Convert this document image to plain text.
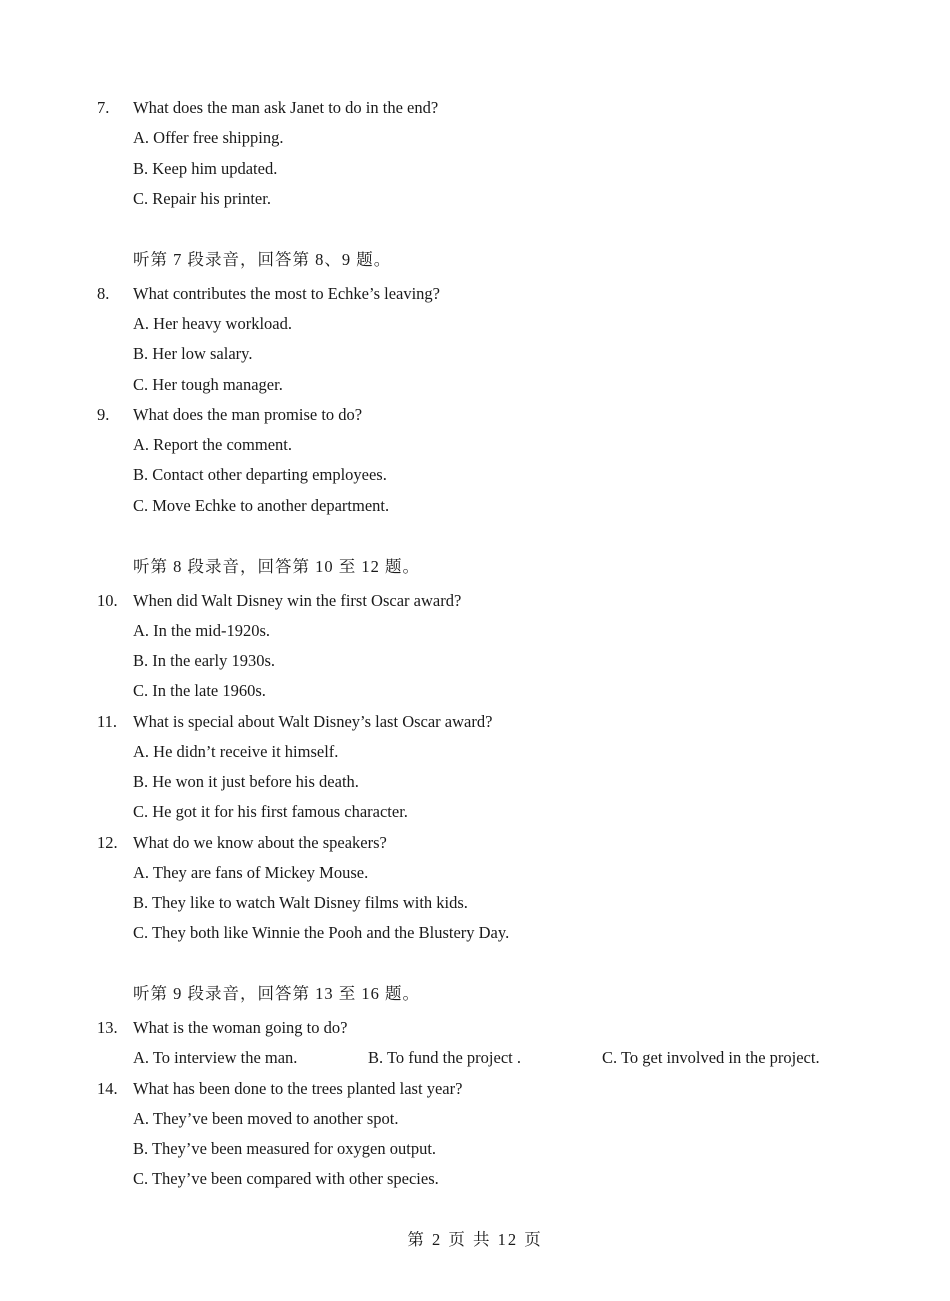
7. What does the man ask Janet to do in the end?
A. Offer free shipping.
B. Keep him updated.
C. Repair his printer.
听第 7 段录音，回答第 8、9 题。
8. What contributes the most to Echke’s leaving?
A. Her heavy workload.
B. Her low salary.
C. Her tough manager.
9. What does the man promise to do?
A. Report the comment.
B. Contact other departing employees.
C. Move Echke to another department.
听第 8 段录音，回答第 10 至 12 题。
10. When did Walt Disney win the first Oscar award?
A. In the mid-1920s.
B. In the early 1930s.
C. In the late 1960s.
11. What is special about Walt Disney’s last Oscar award?
A. He didn’t receive it himself.
B. He won it just before his death.
C. He got it for his first famous character.
12. What do we know about the speakers?
A. They are fans of Mickey Mouse.
B. They like to watch Walt Disney films with kids.
C. They both like Winnie the Pooh and the Blustery Day.
听第 9 段录音，回答第 13 至 16 题。
13. What is the woman going to do?
A. To interview the man.	B. To fund the project .	C. To get involved in the project.
14. What has been done to the trees planted last year?
A. They’ve been moved to another spot.
B. They’ve been measured for oxygen output.
C. They’ve been compared with other species.
第 2 页 共 12 页
